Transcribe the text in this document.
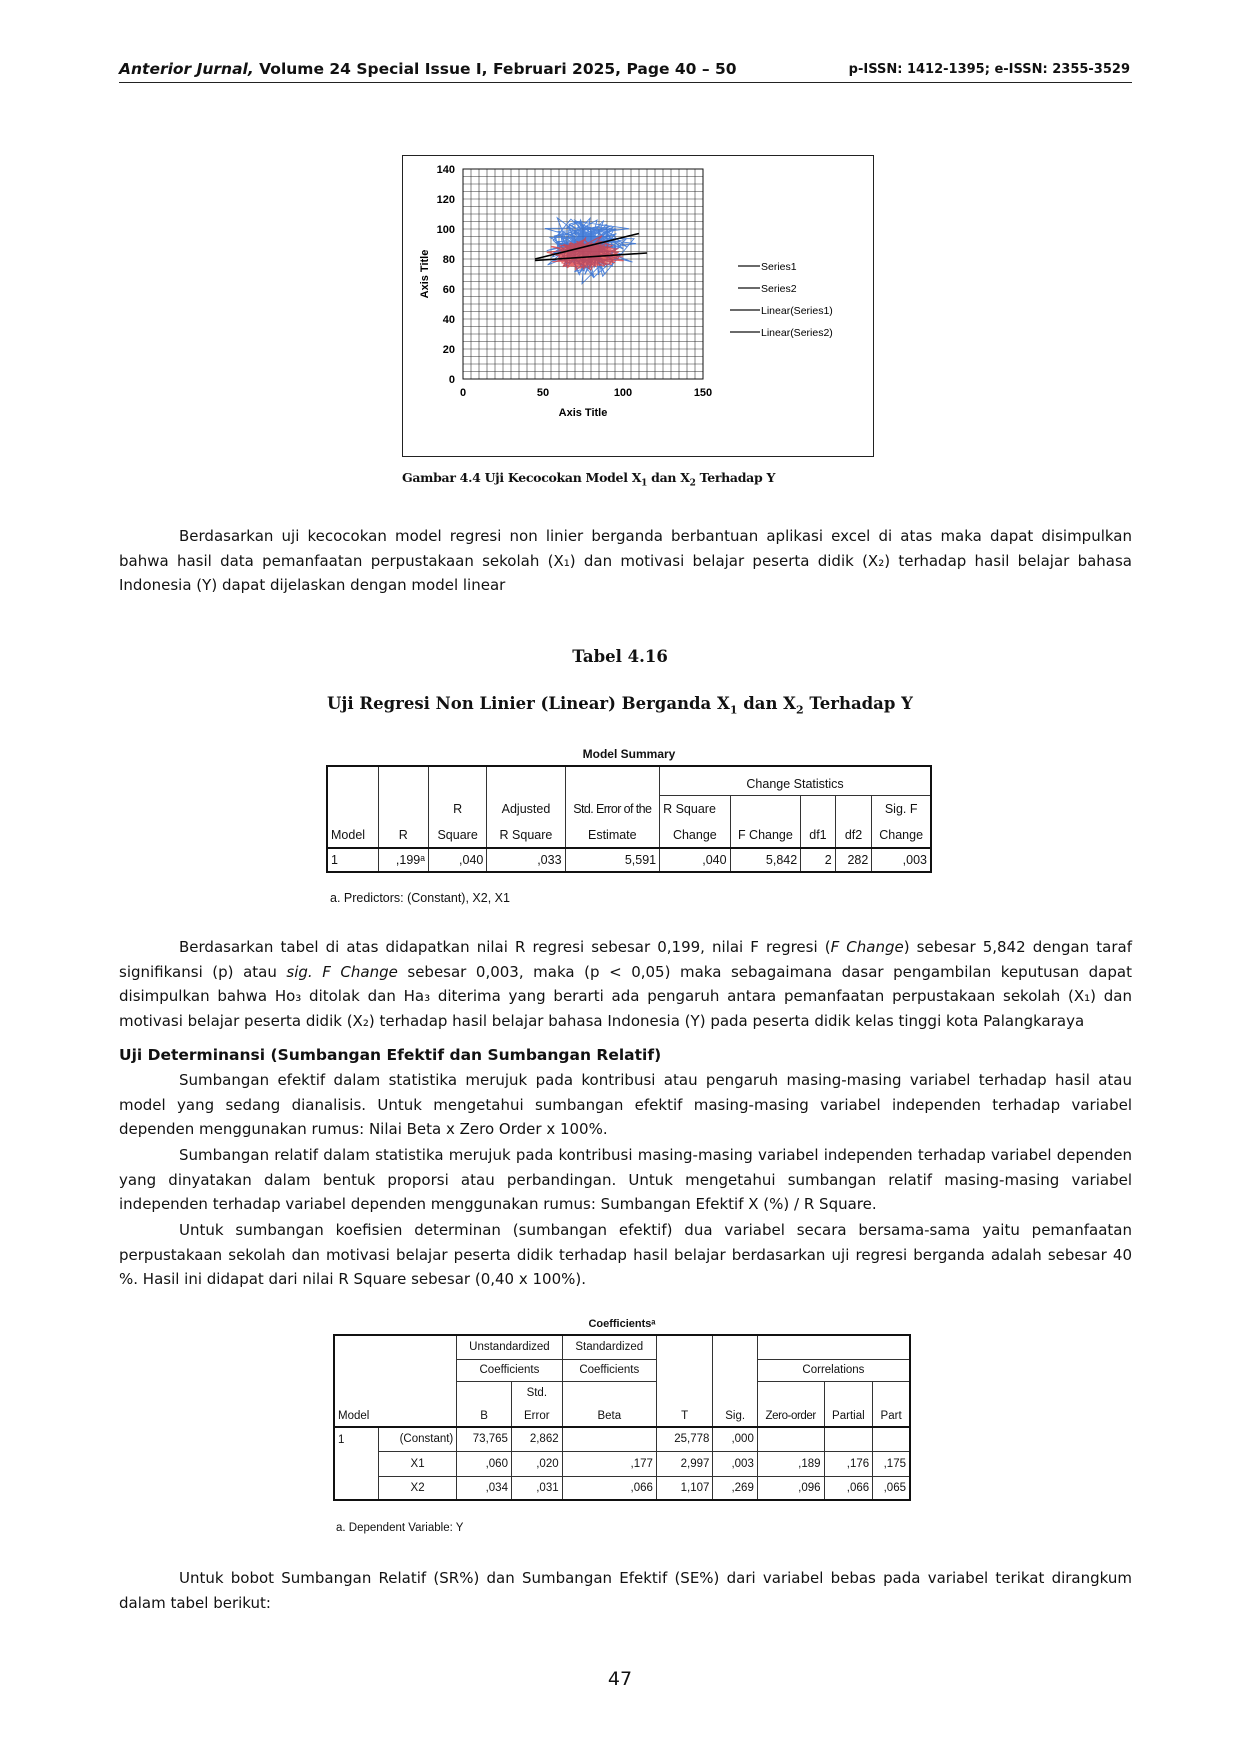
Anterior Jurnal, Volume 24 Special Issue I, Februari 2025, Page 40 – 50	p-ISSN: 1412-1395; e-ISSN: 2355-3529
0
20
40
60
80
100
120
140
0	50	100	150
Axis Title
Axis Title	Series1
Series2
Linear(Series1)
Linear(Series2)
Gambar 4.4 Uji Kecocokan Model $X_1$ dan $X_2$ Terhadap Y
Berdasarkan uji kecocokan model regresi non linier berganda berbantuan aplikasi excel di atas maka dapat disimpulkan bahwa hasil data pemanfaatan perpustakaan sekolah (X₁) dan motivasi belajar peserta didik (X₂) terhadap hasil belajar bahasa Indonesia (Y) dapat dijelaskan dengan model linear
Tabel 4.16
Uji Regresi Non Linier (Linear) Berganda $X_1$ dan $X_2$ Terhadap Y
Model Summary
					Change Statistics				
		R	Adjusted	Std. Error of the	R Square				Sig. F
Model	R	Square	R Square	Estimate	Change	F Change	df1	df2	Change
1	,199ᵃ	,040	,033	5,591	,040	5,842	2	282	,003
a. Predictors: (Constant), X2, X1
Berdasarkan tabel di atas didapatkan nilai R regresi sebesar 0,199, nilai F regresi (F Change) sebesar 5,842 dengan taraf signifikansi (p) atau sig. F Change sebesar 0,003, maka (p < 0,05) maka sebagaimana dasar pengambilan keputusan dapat disimpulkan bahwa Ho₃ ditolak dan Ha₃ diterima yang berarti ada pengaruh antara pemanfaatan perpustakaan sekolah (X₁) dan motivasi belajar peserta didik (X₂) terhadap hasil belajar bahasa Indonesia (Y) pada peserta didik kelas tinggi kota Palangkaraya
Uji Determinansi (Sumbangan Efektif dan Sumbangan Relatif)
Sumbangan efektif dalam statistika merujuk pada kontribusi atau pengaruh masing-masing variabel terhadap hasil atau model yang sedang dianalisis. Untuk mengetahui sumbangan efektif masing-masing variabel independen terhadap variabel dependen menggunakan rumus: Nilai Beta x Zero Order x 100%.
Sumbangan relatif dalam statistika merujuk pada kontribusi masing-masing variabel independen terhadap variabel dependen yang dinyatakan dalam bentuk proporsi atau perbandingan. Untuk mengetahui sumbangan relatif masing-masing variabel independen terhadap variabel dependen menggunakan rumus: Sumbangan Efektif X (%) / R Square.
Untuk sumbangan koefisien determinan (sumbangan efektif) dua variabel secara bersama-sama yaitu pemanfaatan perpustakaan sekolah dan motivasi belajar peserta didik terhadap hasil belajar berdasarkan uji regresi berganda adalah sebesar 40 %. Hasil ini didapat dari nilai R Square sebesar (0,40 x 100%).
Coefficientsᵃ
		Unstandardized		Standardized					
		Coefficients		Coefficients			Correlations		
			Std.						
Model		B	Error	Beta	T	Sig.	Zero-order	Partial	Part
1	(Constant)	73,765	2,862		25,778	,000			
	X1	,060	,020	,177	2,997	,003	,189	,176	,175
	X2	,034	,031	,066	1,107	,269	,096	,066	,065
a. Dependent Variable: Y
Untuk bobot Sumbangan Relatif (SR%) dan Sumbangan Efektif (SE%) dari variabel bebas pada variabel terikat dirangkum dalam tabel berikut:
47
